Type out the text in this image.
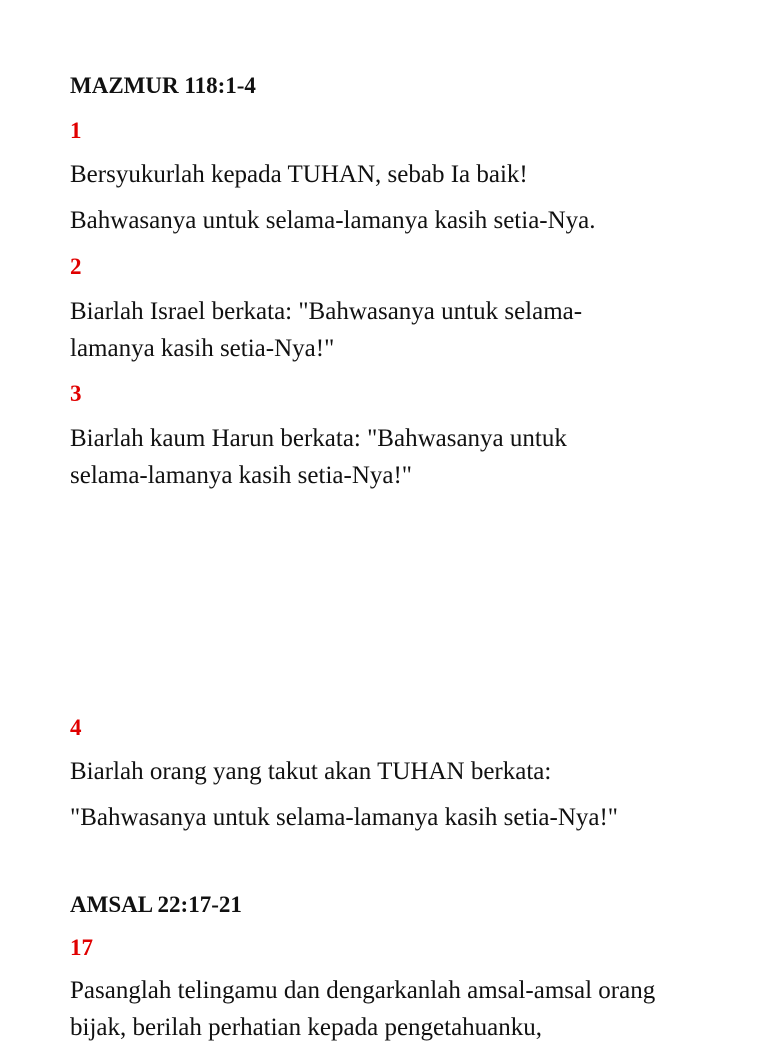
MAZMUR 118:1-4
1

Bersyukurlah kepada TUHAN, sebab Ia baik!

Bahwasanya untuk selama-lamanya kasih setia-Nya.

2

Biarlah Israel berkata: "Bahwasanya untuk selama-lamanya kasih setia-Nya!"

3

Biarlah kaum Harun berkata: "Bahwasanya untuk selama-lamanya kasih setia-Nya!"

4

Biarlah orang yang takut akan TUHAN berkata:

"Bahwasanya untuk selama-lamanya kasih setia-Nya!"

AMSAL 22:17-21
17

Pasanglah telingamu dan dengarkanlah amsal-amsal orang bijak, berilah perhatian kepada pengetahuanku,
